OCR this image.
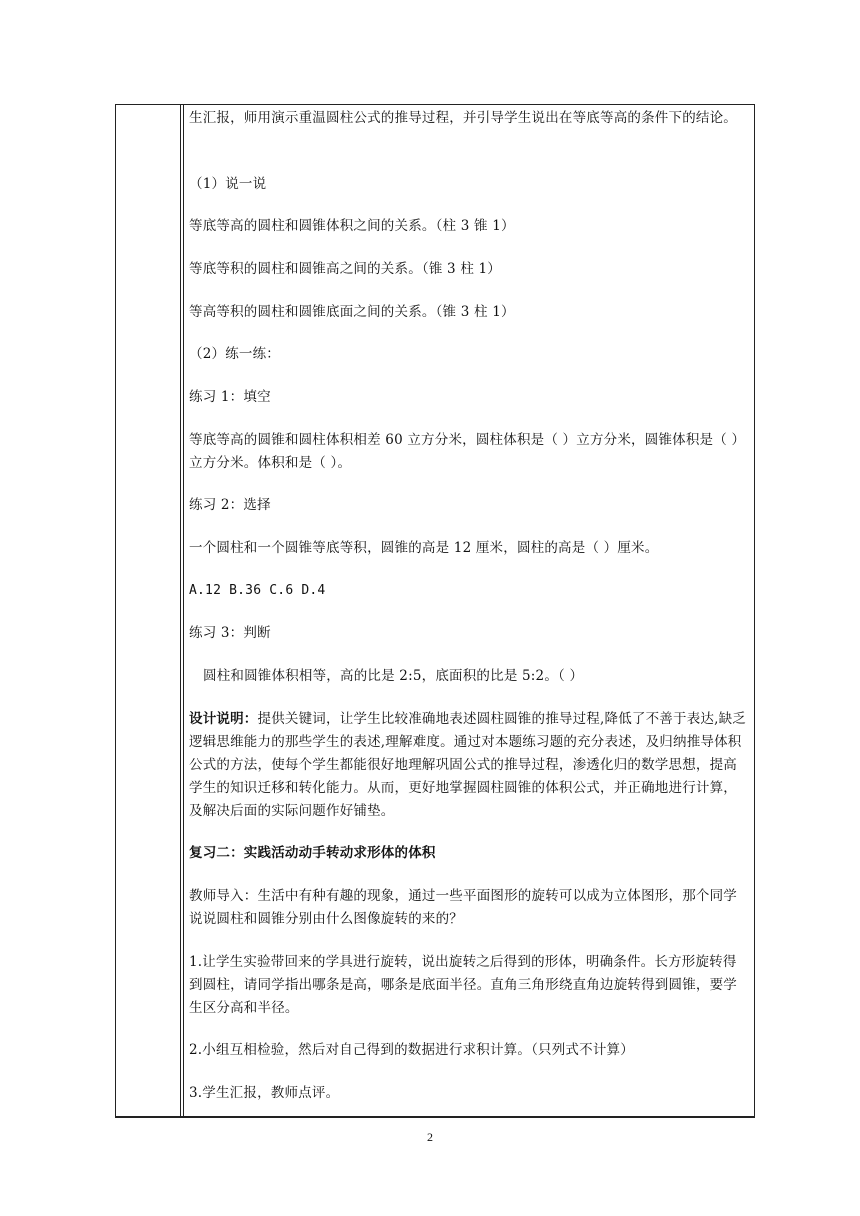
生汇报，师用演示重温圆柱公式的推导过程，并引导学生说出在等底等高的条件下的结论。

（1）说一说

等底等高的圆柱和圆锥体积之间的关系。（柱 3 锥 1）

等底等积的圆柱和圆锥高之间的关系。（锥 3 柱 1）

等高等积的圆柱和圆锥底面之间的关系。（锥 3 柱 1）

（2）练一练：

练习 1：填空

等底等高的圆锥和圆柱体积相差 60 立方分米，圆柱体积是（ ）立方分米，圆锥体积是（ ）立方分米。体积和是（ ）。

练习 2：选择

一个圆柱和一个圆锥等底等积，圆锥的高是 12 厘米，圆柱的高是（ ）厘米。

A.12 B.36 C.6 D.4

练习 3：判断

圆柱和圆锥体积相等，高的比是 2:5，底面积的比是 5:2。（ ）

设计说明：提供关键词，让学生比较准确地表述圆柱圆锥的推导过程,降低了不善于表达,缺乏逻辑思维能力的那些学生的表述,理解难度。通过对本题练习题的充分表述，及归纳推导体积公式的方法，使每个学生都能很好地理解巩固公式的推导过程，渗透化归的数学思想，提高学生的知识迁移和转化能力。从而，更好地掌握圆柱圆锥的体积公式，并正确地进行计算，及解决后面的实际问题作好铺垫。

复习二：实践活动动手转动求形体的体积

教师导入：生活中有种有趣的现象，通过一些平面图形的旋转可以成为立体图形，那个同学说说圆柱和圆锥分别由什么图像旋转的来的？

1.让学生实验带回来的学具进行旋转，说出旋转之后得到的形体，明确条件。长方形旋转得到圆柱，请同学指出哪条是高，哪条是底面半径。直角三角形绕直角边旋转得到圆锥，要学生区分高和半径。

2.小组互相检验，然后对自己得到的数据进行求积计算。（只列式不计算）

3.学生汇报，教师点评。

2
